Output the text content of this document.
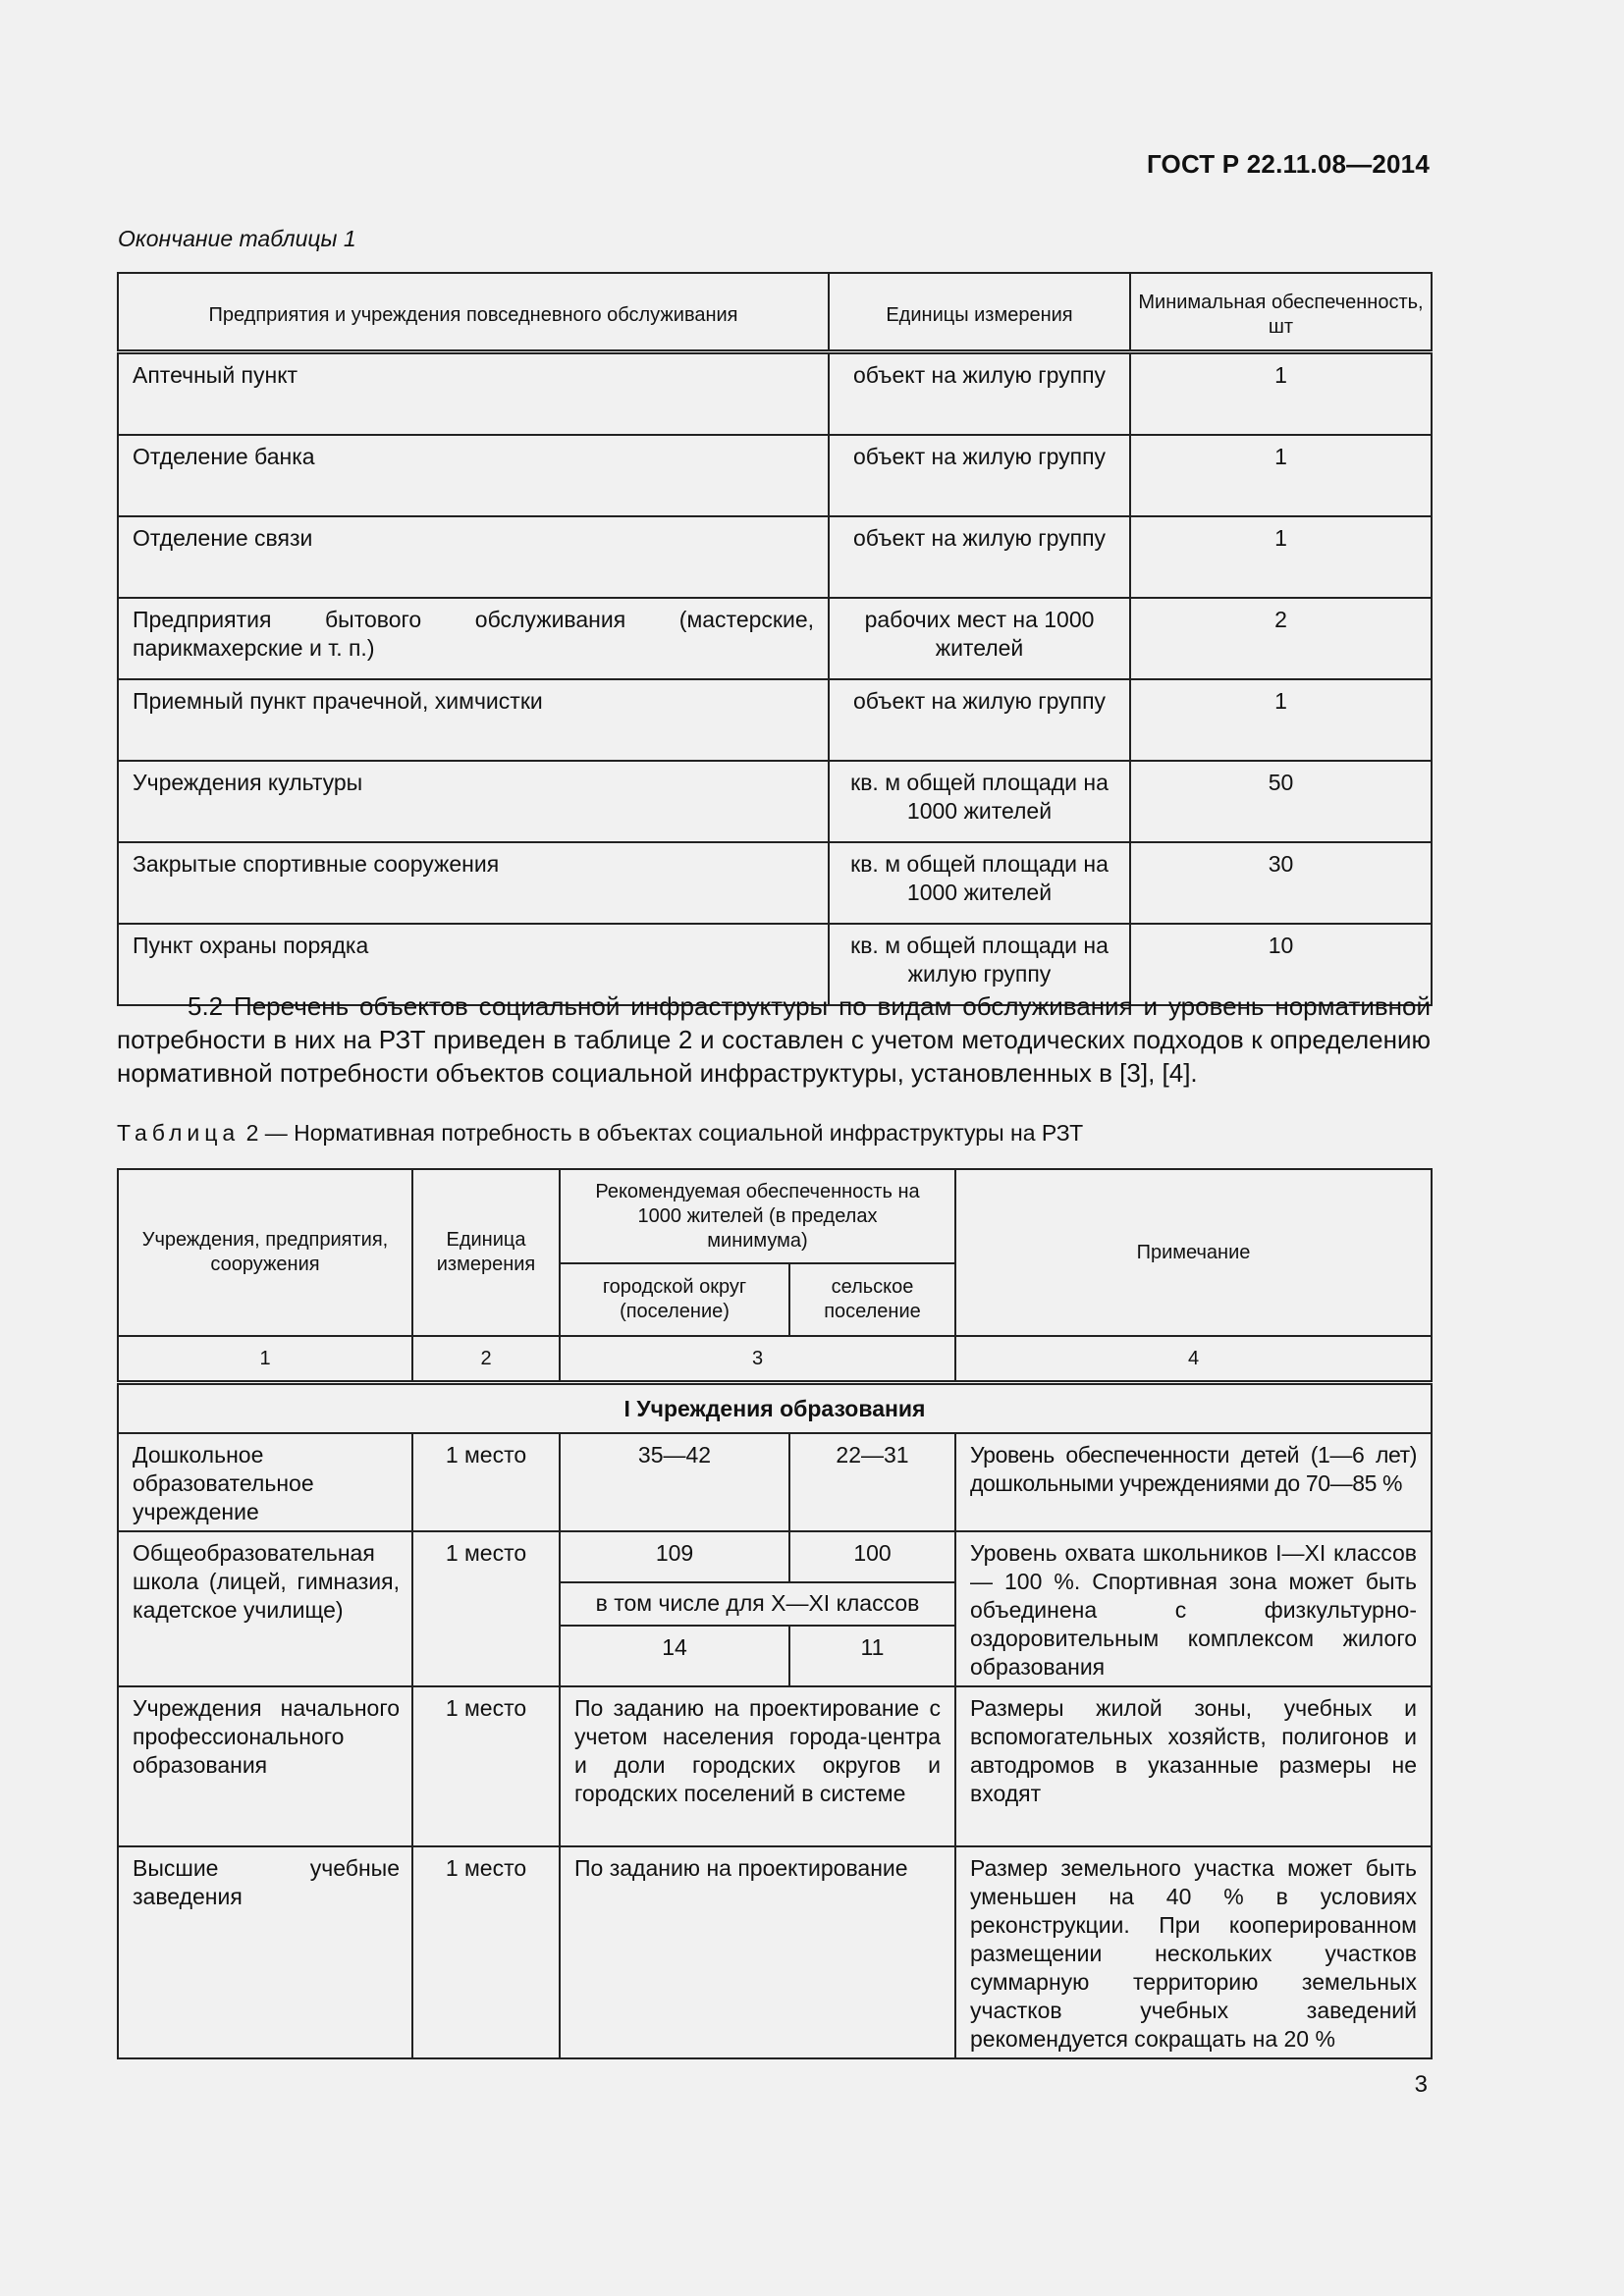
ГОСТ Р 22.11.08—2014
Окончание таблицы 1
Предприятия и учреждения повседневного обслуживания	Единицы измерения	Минимальная обеспеченность, шт
Аптечный пункт	объект на жилую группу	1
Отделение банка	объект на жилую группу	1
Отделение связи	объект на жилую группу	1
Предприятия бытового обслуживания (мастерские, парикмахерские и т. п.)	рабочих мест на 1000 жителей	2
Приемный пункт прачечной, химчистки	объект на жилую группу	1
Учреждения культуры	кв. м общей площади на 1000 жителей	50
Закрытые спортивные сооружения	кв. м общей площади на 1000 жителей	30
Пункт охраны порядка	кв. м общей площади на жилую группу	10
5.2 Перечень объектов социальной инфраструктуры по видам обслуживания и уровень нормативной потребности в них на РЗТ приведен в таблице 2 и составлен с учетом методических подходов к определению нормативной потребности объектов социальной инфраструктуры, установленных в [3], [4].
Таблица 2 — Нормативная потребность в объектах социальной инфраструктуры на РЗТ
Учреждения, предприятия, сооружения	Единица измерения	Рекомендуемая обеспеченность на 1000 жителей (в пределах минимума)		Примечание
		городской округ (поселение)	сельское поселение	
1	2	3		4
I Учреждения образования				
Дошкольное образовательное учреждение	1 место	35—42	22—31	Уровень обеспеченности детей (1—6 лет) дошкольными учреждениями до 70—85 %
Общеобразовательная школа (лицей, гимназия, кадетское училище)	1 место	109	100	Уровень охвата школьников I—XI классов — 100 %. Спортивная зона может быть объединена с физкультурно-оздоровительным комплексом жилого образования
		в том числе для X—XI классов		
		14	11	
Учреждения начального профессионального образования	1 место	По заданию на проектирование с учетом населения города-центра и доли городских округов и городских поселений в системе		Размеры жилой зоны, учебных и вспомогательных хозяйств, полигонов и автодромов в указанные размеры не входят
Высшие учебные заведения	1 место	По заданию на проектирование		Размер земельного участка может быть уменьшен на 40 % в условиях реконструкции. При кооперированном размещении нескольких участков суммарную территорию земельных участков учебных заведений рекомендуется сокращать на 20 %
3
